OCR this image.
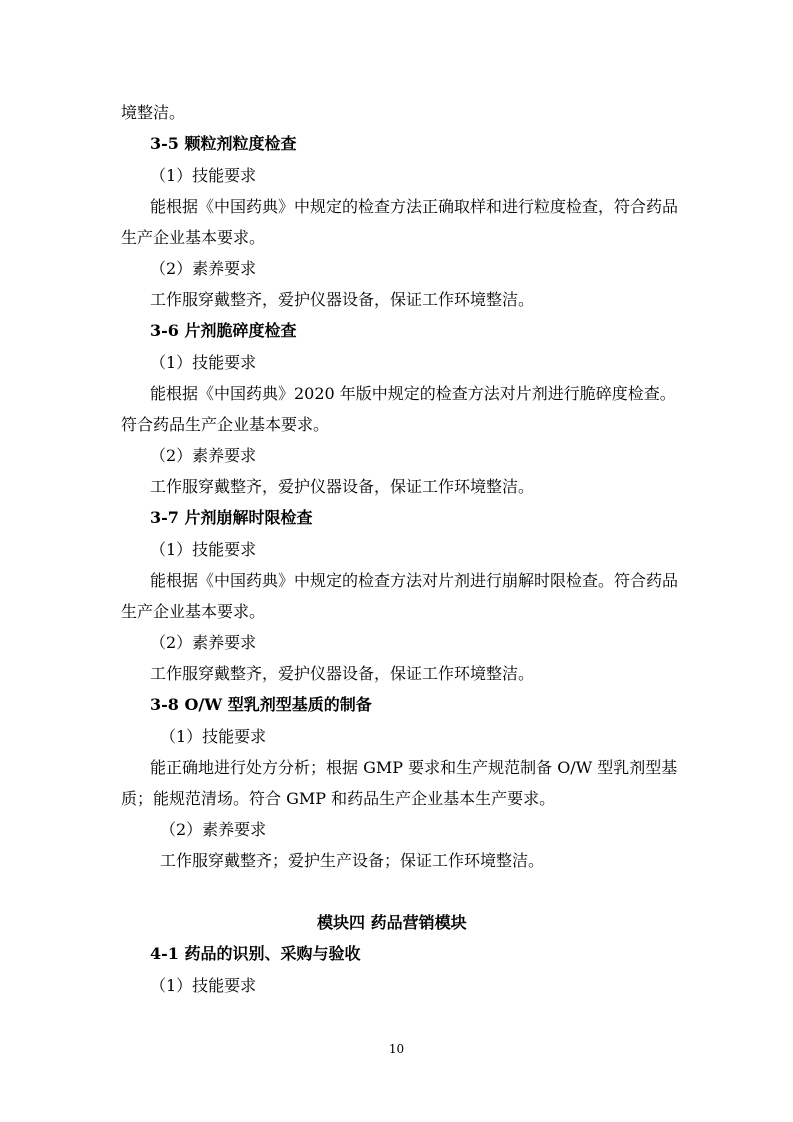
境整洁。
3-5 颗粒剂粒度检查
（1）技能要求
能根据《中国药典》中规定的检查方法正确取样和进行粒度检查，符合药品
生产企业基本要求。
（2）素养要求
工作服穿戴整齐，爱护仪器设备，保证工作环境整洁。
3-6 片剂脆碎度检查
（1）技能要求
能根据《中国药典》2020 年版中规定的检查方法对片剂进行脆碎度检查。
符合药品生产企业基本要求。
（2）素养要求
工作服穿戴整齐，爱护仪器设备，保证工作环境整洁。
3-7 片剂崩解时限检查
（1）技能要求
能根据《中国药典》中规定的检查方法对片剂进行崩解时限检查。符合药品
生产企业基本要求。
（2）素养要求
工作服穿戴整齐，爱护仪器设备，保证工作环境整洁。
3-8 O/W 型乳剂型基质的制备
（1）技能要求
能正确地进行处方分析；根据 GMP 要求和生产规范制备 O/W 型乳剂型基
质；能规范清场。符合 GMP 和药品生产企业基本生产要求。
（2）素养要求
工作服穿戴整齐；爱护生产设备；保证工作环境整洁。
模块四 药品营销模块
4-1 药品的识别、采购与验收
（1）技能要求
10
